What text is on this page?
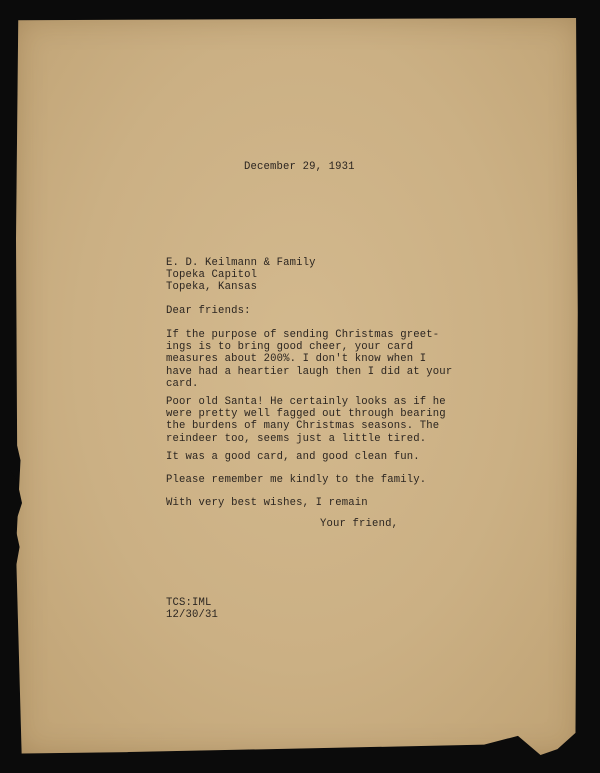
December 29, 1931
E. D. Keilmann & Family
Topeka Capitol
Topeka, Kansas
Dear friends:
If the purpose of sending Christmas greet-
ings is to bring good cheer, your card
measures about 200%. I don't know when I
have had a heartier laugh then I did at your
card.
Poor old Santa! He certainly looks as if he
were pretty well fagged out through bearing
the burdens of many Christmas seasons. The
reindeer too, seems just a little tired.
It was a good card, and good clean fun.
Please remember me kindly to the family.
With very best wishes, I remain
Your friend,
TCS:IML
12/30/31
